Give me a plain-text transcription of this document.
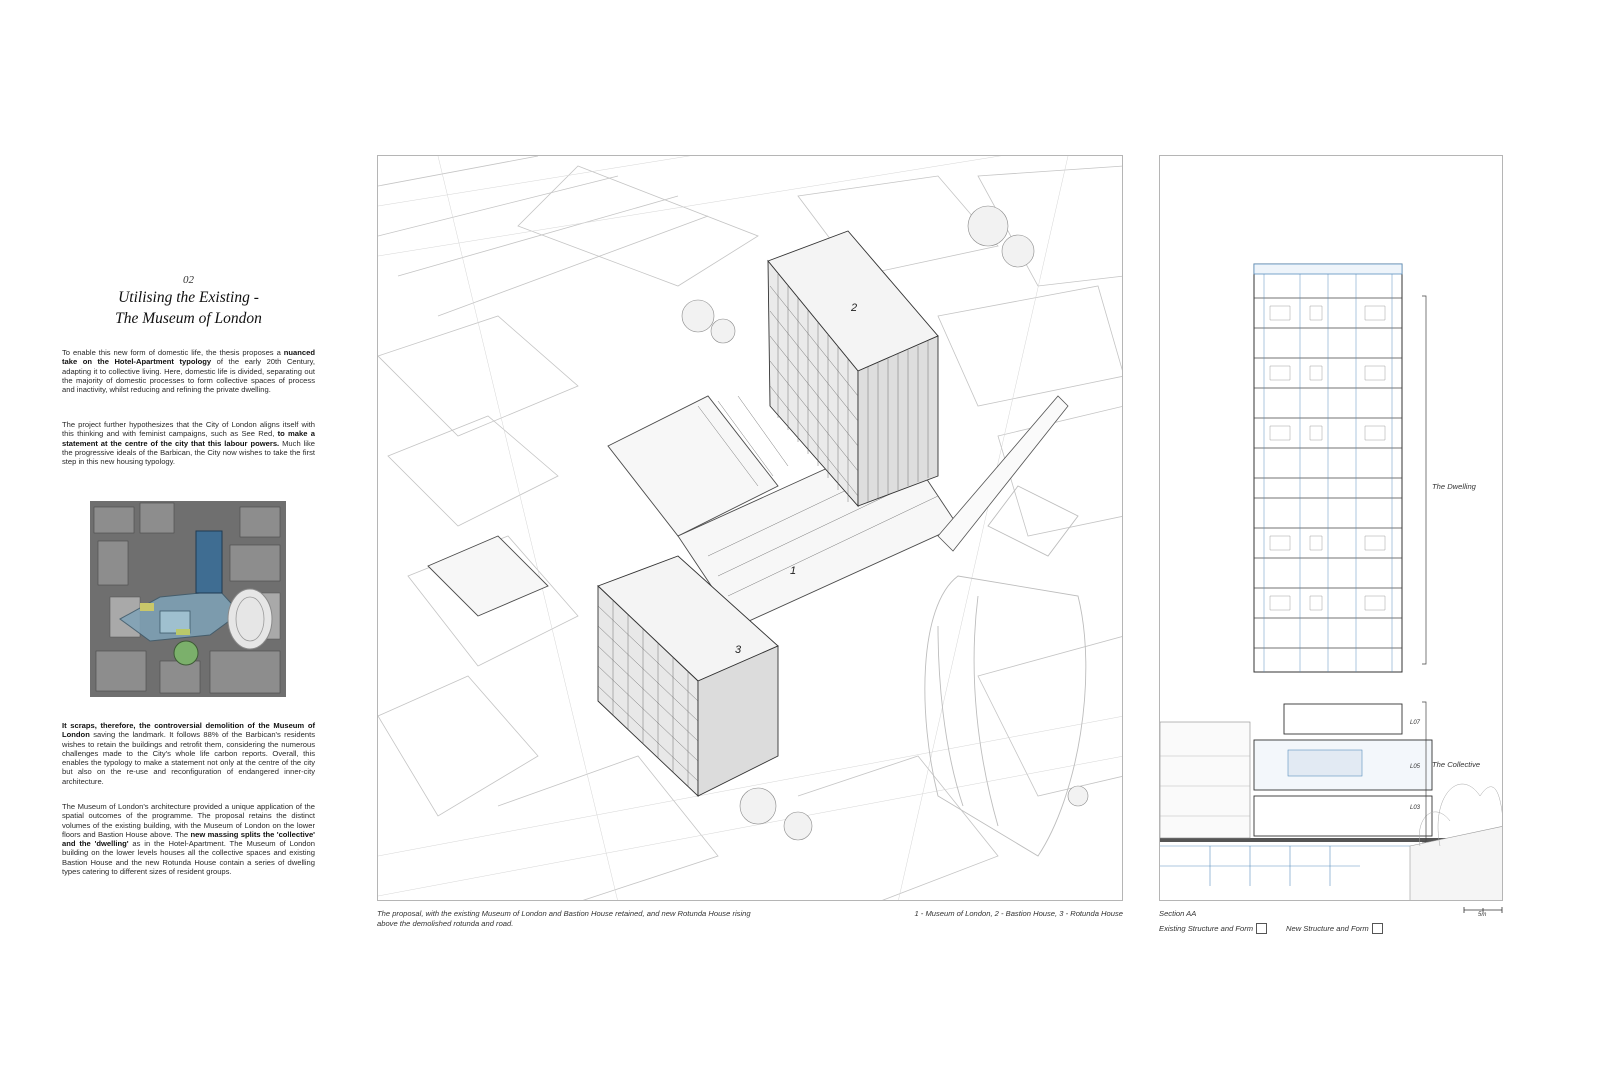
02
Utilising the Existing -
The Museum of London
To enable this new form of domestic life, the thesis proposes a nuanced take on the Hotel-Apartment typology of the early 20th Century, adapting it to collective living. Here, domestic life is divided, separating out the majority of domestic processes to form collective spaces of process and inactivity, whilst reducing and refining the private dwelling.
The project further hypothesizes that the City of London aligns itself with this thinking and with feminist campaigns, such as See Red, to make a statement at the centre of the city that this labour powers. Much like the progressive ideals of the Barbican, the City now wishes to take the first step in this new housing typology.
It scraps, therefore, the controversial demolition of the Museum of London saving the landmark. It follows 88% of the Barbican's residents wishes to retain the buildings and retrofit them, considering the numerous challenges made to the City's whole life carbon reports. Overall, this enables the typology to make a statement not only at the centre of the city but also on the re-use and reconfiguration of endangered inner-city architecture.
The Museum of London's architecture provided a unique application of the spatial outcomes of the programme. The proposal retains the distinct volumes of the existing building, with the Museum of London on the lower floors and Bastion House above. The new massing splits the 'collective' and the 'dwelling' as in the Hotel-Apartment. The Museum of London building on the lower levels houses all the collective spaces and existing Bastion House and the new Rotunda House contain a series of dwelling types catering to different sizes of resident groups.
2
1
3
The proposal, with the existing Museum of London and Bastion House retained, and new Rotunda House rising above the demolished rotunda and road.
1 - Museum of London, 2 - Bastion House, 3 - Rotunda House
The Dwelling
The Collective
L07
L05
L03
Section AA	5m
Existing Structure and Form	New Structure and Form
